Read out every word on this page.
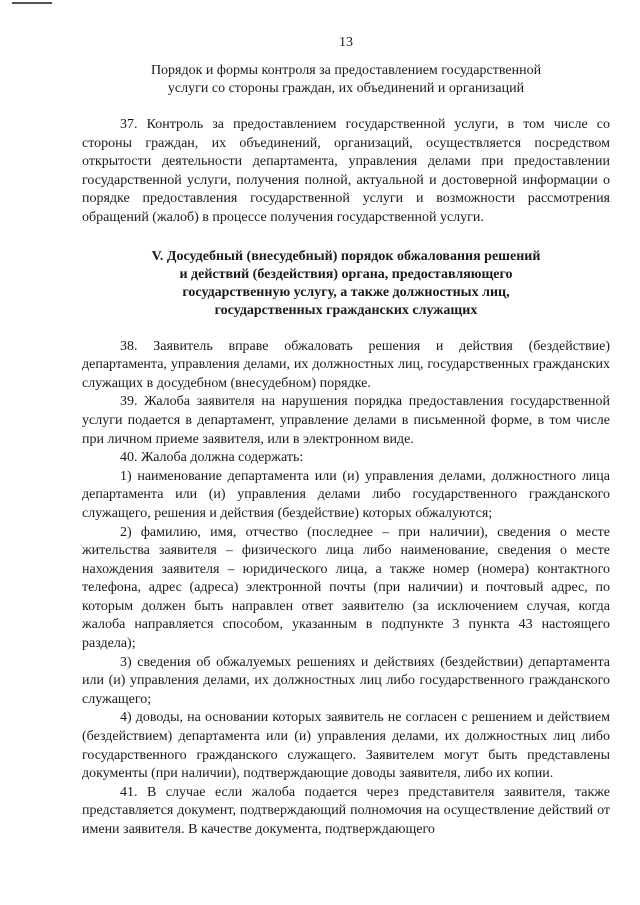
13

Порядок и формы контроля за предоставлением государственной

услуги со стороны граждан, их объединений и организаций

37. Контроль за предоставлением государственной услуги, в том числе со стороны граждан, их объединений, организаций, осуществляется посредством открытости деятельности департамента, управления делами при предоставлении государственной услуги, получения полной, актуальной и достоверной информации о порядке предоставления государственной услуги и возможности рассмотрения обращений (жалоб) в процессе получения государственной услуги.

V. Досудебный (внесудебный) порядок обжалования решений

и действий (бездействия) органа, предоставляющего

государственную услугу, а также должностных лиц,

государственных гражданских служащих

38. Заявитель вправе обжаловать решения и действия (бездействие) департамента, управления делами, их должностных лиц, государственных гражданских служащих в досудебном (внесудебном) порядке.

39. Жалоба заявителя на нарушения порядка предоставления государственной услуги подается в департамент, управление делами в письменной форме, в том числе при личном приеме заявителя, или в электронном виде.

40. Жалоба должна содержать:

1) наименование департамента или (и) управления делами, должностного лица департамента или (и) управления делами либо государственного гражданского служащего, решения и действия (бездействие) которых обжалуются;

2) фамилию, имя, отчество (последнее – при наличии), сведения о месте жительства заявителя – физического лица либо наименование, сведения о месте нахождения заявителя – юридического лица, а также номер (номера) контактного телефона, адрес (адреса) электронной почты (при наличии) и почтовый адрес, по которым должен быть направлен ответ заявителю (за исключением случая, когда жалоба направляется способом, указанным в подпункте 3 пункта 43 настоящего раздела);

3) сведения об обжалуемых решениях и действиях (бездействии) департамента или (и) управления делами, их должностных лиц либо государственного гражданского служащего;

4) доводы, на основании которых заявитель не согласен с решением и действием (бездействием) департамента или (и) управления делами, их должностных лиц либо государственного гражданского служащего. Заявителем могут быть представлены документы (при наличии), подтверждающие доводы заявителя, либо их копии.

41. В случае если жалоба подается через представителя заявителя, также представляется документ, подтверждающий полномочия на осуществление действий от имени заявителя. В качестве документа, подтверждающего
